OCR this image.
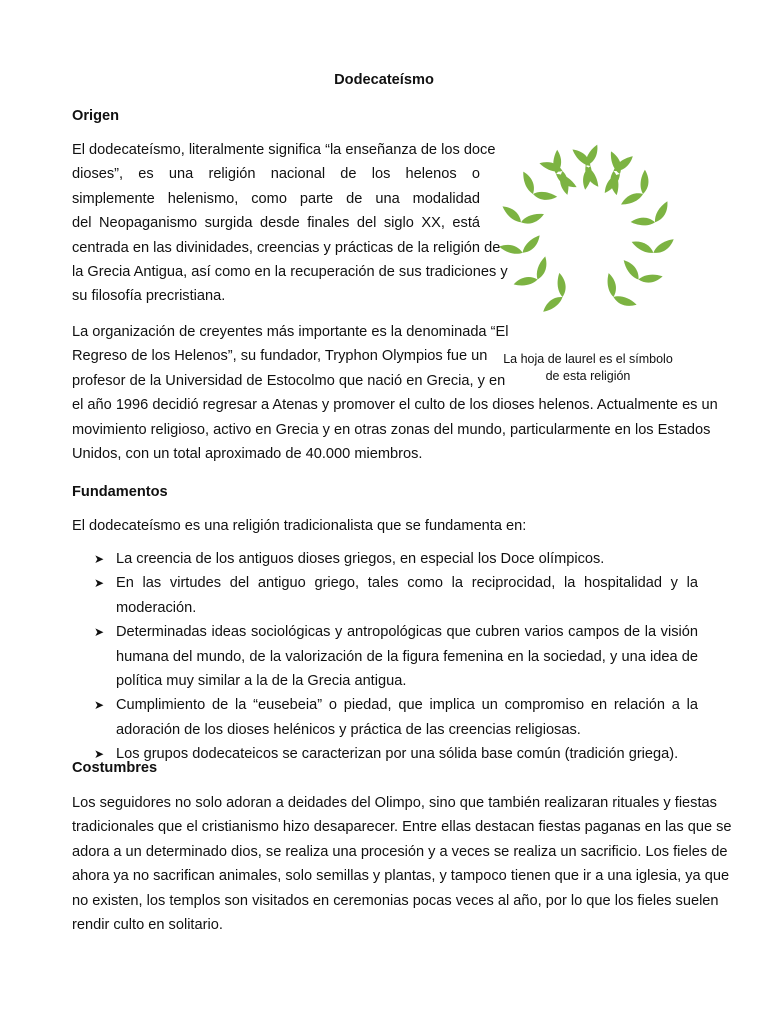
Dodecateísmo
Origen
El dodecateísmo, literalmente significa “la enseñanza de los doce
dioses”, es una religión nacional de los helenos o
simplemente helenismo, como parte de una modalidad
del Neopaganismo surgida desde finales del siglo XX, está
centrada en las divinidades, creencias y prácticas de la religión de
la Grecia Antigua, así como en la recuperación de sus tradiciones y
su filosofía precristiana.
La organización de creyentes más importante es la denominada “El
Regreso de los Helenos”, su fundador, Tryphon Olympios fue un
profesor de la Universidad de Estocolmo que nació en Grecia, y en
el año 1996 decidió regresar a Atenas y promover el culto de los dioses helenos. Actualmente es un
movimiento religioso, activo en Grecia y en otras zonas del mundo, particularmente en los Estados
Unidos, con un total aproximado de 40.000 miembros.
La hoja de laurel es el símbolo
de esta religión
Fundamentos
El dodecateísmo es una religión tradicionalista que se fundamenta en:
➤ La creencia de los antiguos dioses griegos, en especial los Doce olímpicos.
➤ En las virtudes del antiguo griego, tales como la reciprocidad, la hospitalidad y la moderación.
➤ Determinadas ideas sociológicas y antropológicas que cubren varios campos de la visión humana del mundo, de la valorización de la figura femenina en la sociedad, y una idea de política muy similar a la de la Grecia antigua.
➤ Cumplimiento de la “eusebeia” o piedad, que implica un compromiso en relación a la adoración de los dioses helénicos y práctica de las creencias religiosas.
➤ Los grupos dodecateicos se caracterizan por una sólida base común (tradición griega).
Costumbres
Los seguidores no solo adoran a deidades del Olimpo, sino que también realizaran rituales y fiestas
tradicionales que el cristianismo hizo desaparecer. Entre ellas destacan fiestas paganas en las que se
adora a un determinado dios, se realiza una procesión y a veces se realiza un sacrificio. Los fieles de
ahora ya no sacrifican animales, solo semillas y plantas, y tampoco tienen que ir a una iglesia, ya que
no existen, los templos son visitados en ceremonias pocas veces al año, por lo que los fieles suelen
rendir culto en solitario.
